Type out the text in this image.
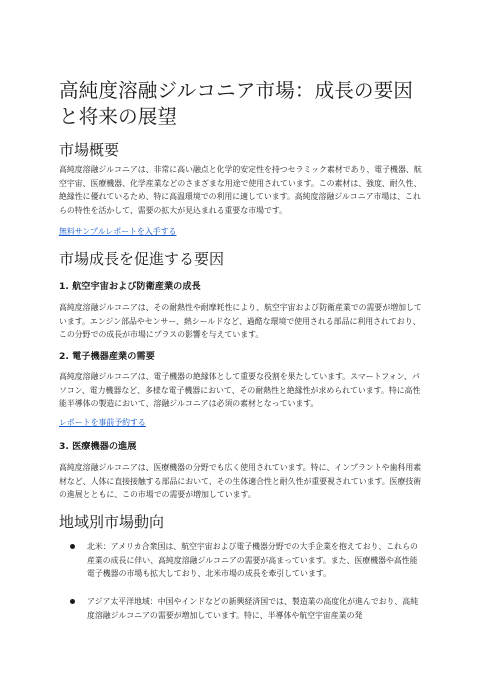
高純度溶融ジルコニア市場：成長の要因と将来の展望
市場概要

高純度溶融ジルコニアは、非常に高い融点と化学的安定性を持つセラミック素材であり、電子機器、航空宇宙、医療機器、化学産業などのさまざまな用途で使用されています。この素材は、強度、耐久性、絶縁性に優れているため、特に高温環境での利用に適しています。高純度溶融ジルコニア市場は、これらの特性を活かして、需要の拡大が見込まれる重要な市場です。

無料サンプルレポートを入手する
市場成長を促進する要因
1. 航空宇宙および防衛産業の成長

高純度溶融ジルコニアは、その耐熱性や耐摩耗性により、航空宇宙および防衛産業での需要が増加しています。エンジン部品やセンサー、熱シールドなど、過酷な環境で使用される部品に利用されており、この分野での成長が市場にプラスの影響を与えています。

2. 電子機器産業の需要

高純度溶融ジルコニアは、電子機器の絶縁体として重要な役割を果たしています。スマートフォン、パソコン、電力機器など、多様な電子機器において、その耐熱性と絶縁性が求められています。特に高性能半導体の製造において、溶融ジルコニアは必須の素材となっています。

レポートを事前予約する
3. 医療機器の進展

高純度溶融ジルコニアは、医療機器の分野でも広く使用されています。特に、インプラントや歯科用素材など、人体に直接接触する部品において、その生体適合性と耐久性が重要視されています。医療技術の進展とともに、この市場での需要が増加しています。

地域別市場動向
北米：アメリカ合衆国は、航空宇宙および電子機器分野での大手企業を抱えており、これらの産業の成長に伴い、高純度溶融ジルコニアの需要が高まっています。また、医療機器や高性能電子機器の市場も拡大しており、北米市場の成長を牽引しています。
アジア太平洋地域：中国やインドなどの新興経済国では、製造業の高度化が進んでおり、高純度溶融ジルコニアの需要が増加しています。特に、半導体や航空宇宙産業の発
